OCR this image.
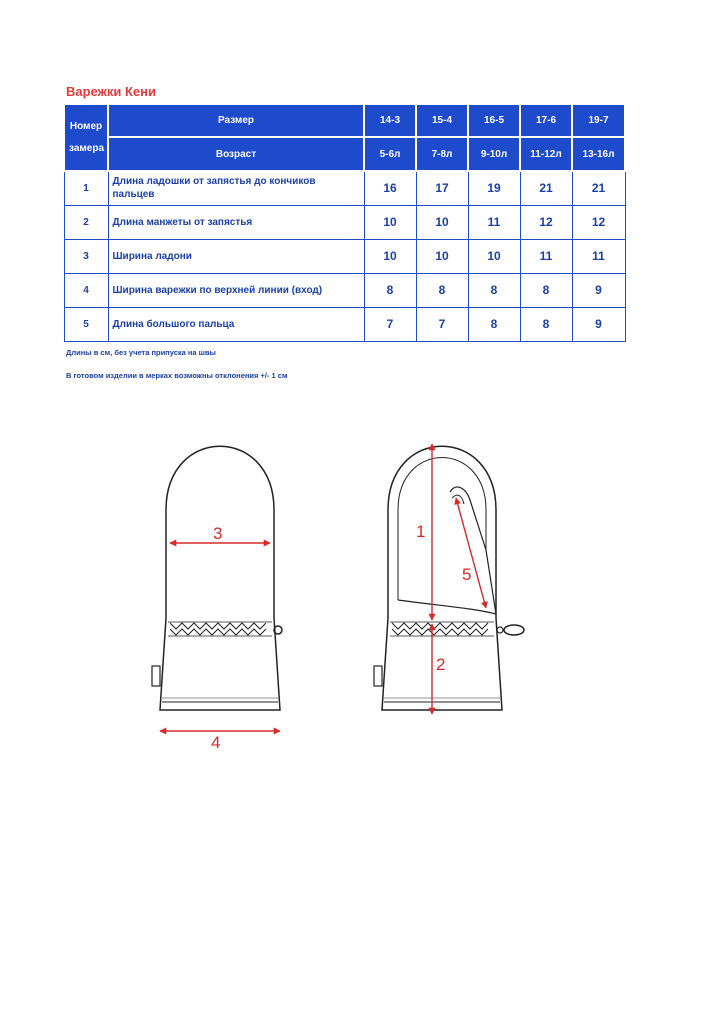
Варежки Кени
Номер замера	Размер	14-3	15-4	16-5	17-6	19-7
	Возраст	5-6л	7-8л	9-10л	11-12л	13-16л
1	Длина ладошки от запястья до кончиков пальцев	16	17	19	21	21
2	Длина манжеты от запястья	10	10	11	12	12
3	Ширина ладони	10	10	10	11	11
4	Ширина варежки по верхней линии (вход)	8	8	8	8	9
5	Длина большого пальца	7	7	8	8	9
Длины в см, без учета припуска на швы
В готовом изделии в мерках возможны отклонения +/- 1 см
3
4
1
2
5
